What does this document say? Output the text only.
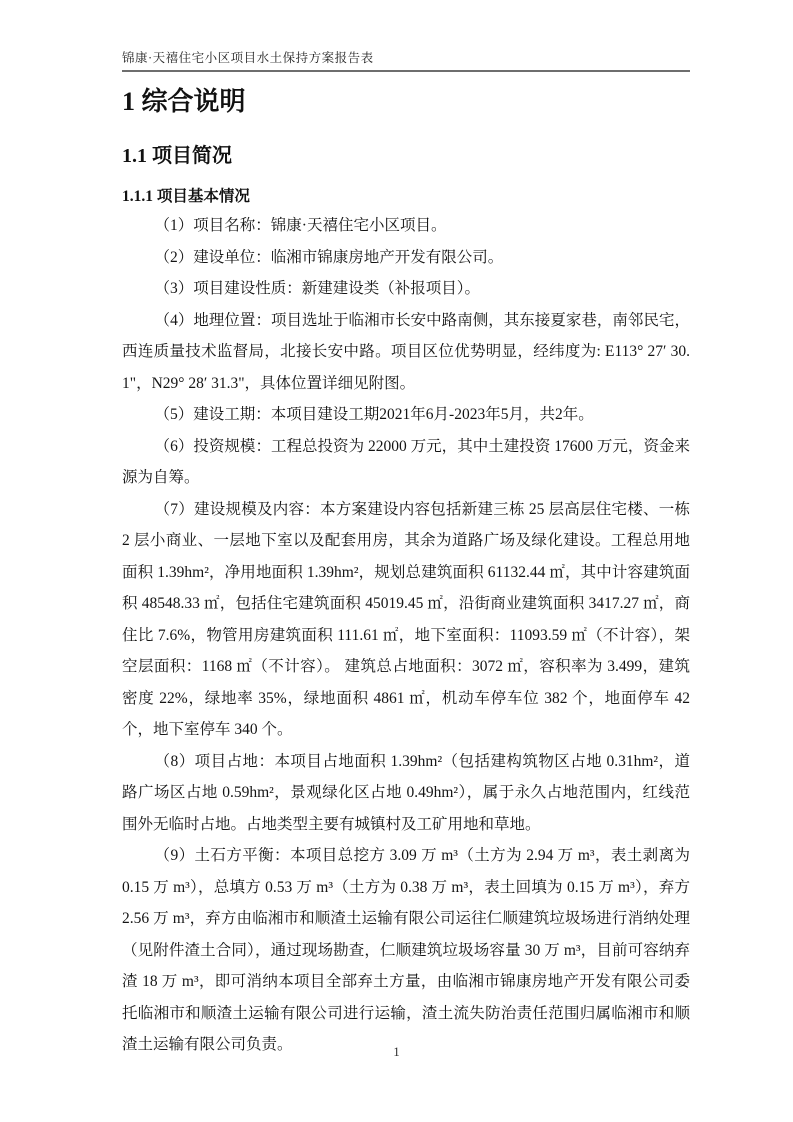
锦康·天禧住宅小区项目水土保持方案报告表
1 综合说明
1.1 项目简况
1.1.1 项目基本情况

（1）项目名称：锦康·天禧住宅小区项目。

（2）建设单位：临湘市锦康房地产开发有限公司。

（3）项目建设性质：新建建设类（补报项目）。

（4）地理位置：项目选址于临湘市长安中路南侧，其东接夏家巷，南邻民宅，西连质量技术监督局，北接长安中路。项目区位优势明显，经纬度为: E113° 27′ 30.1"，N29° 28′ 31.3"，具体位置详细见附图。

（5）建设工期：本项目建设工期2021年6月-2023年5月，共2年。

（6）投资规模：工程总投资为 22000 万元，其中土建投资 17600 万元，资金来源为自筹。

（7）建设规模及内容：本方案建设内容包括新建三栋 25 层高层住宅楼、一栋 2 层小商业、一层地下室以及配套用房，其余为道路广场及绿化建设。工程总用地面积 1.39hm²，净用地面积 1.39hm²，规划总建筑面积 61132.44 ㎡，其中计容建筑面积 48548.33 ㎡，包括住宅建筑面积 45019.45 ㎡，沿街商业建筑面积 3417.27 ㎡，商住比 7.6%，物管用房建筑面积 111.61 ㎡，地下室面积：11093.59 ㎡（不计容），架空层面积：1168 ㎡（不计容）。 建筑总占地面积：3072 ㎡，容积率为 3.499，建筑密度 22%，绿地率 35%，绿地面积 4861 ㎡，机动车停车位 382 个，地面停车 42 个，地下室停车 340 个。

（8）项目占地：本项目占地面积 1.39hm²（包括建构筑物区占地 0.31hm²，道路广场区占地 0.59hm²，景观绿化区占地 0.49hm²），属于永久占地范围内，红线范围外无临时占地。占地类型主要有城镇村及工矿用地和草地。

（9）土石方平衡：本项目总挖方 3.09 万 m³（土方为 2.94 万 m³，表土剥离为 0.15 万 m³），总填方 0.53 万 m³（土方为 0.38 万 m³，表土回填为 0.15 万 m³），弃方 2.56 万 m³，弃方由临湘市和顺渣土运输有限公司运往仁顺建筑垃圾场进行消纳处理（见附件渣土合同），通过现场勘查，仁顺建筑垃圾场容量 30 万 m³，目前可容纳弃渣 18 万 m³，即可消纳本项目全部弃土方量，由临湘市锦康房地产开发有限公司委托临湘市和顺渣土运输有限公司进行运输，渣土流失防治责任范围归属临湘市和顺渣土运输有限公司负责。	1
